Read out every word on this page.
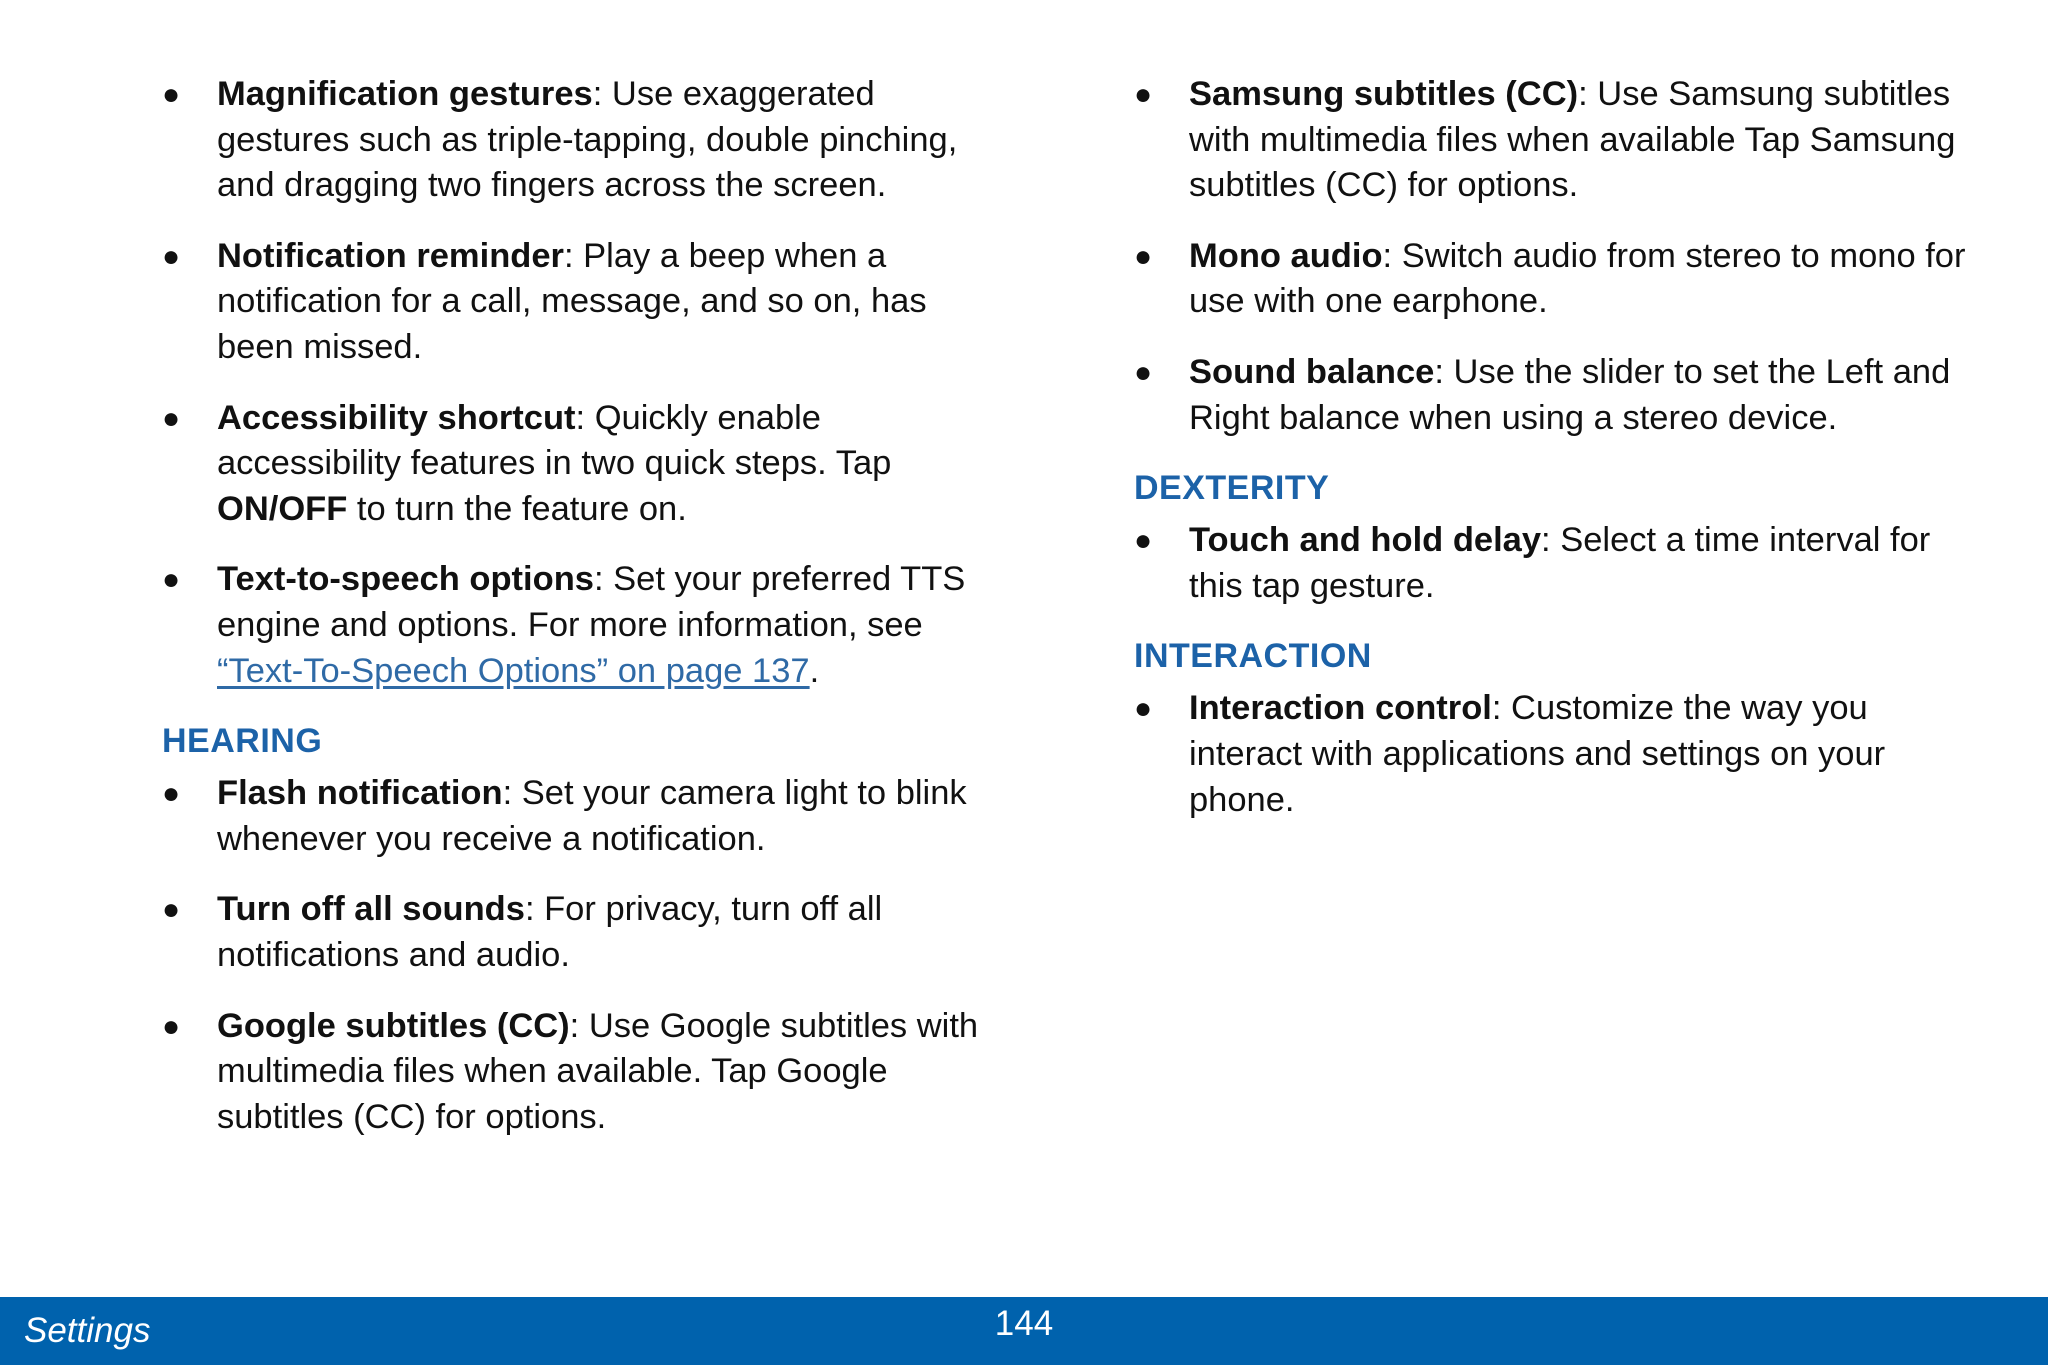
●	Magnification gestures: Use exaggerated gestures such as triple-tapping, double pinching, and dragging two fingers across the screen.
●	Notification reminder: Play a beep when a notification for a call, message, and so on, has been missed.
●	Accessibility shortcut: Quickly enable accessibility features in two quick steps. Tap ON/OFF to turn the feature on.
●	Text-to-speech options: Set your preferred TTS engine and options. For more information, see “Text-To-Speech Options” on page 137.
HEARING
●	Flash notification: Set your camera light to blink whenever you receive a notification.
●	Turn off all sounds: For privacy, turn off all notifications and audio.
●	Google subtitles (CC): Use Google subtitles with multimedia files when available. Tap Google subtitles (CC) for options.
●	Samsung subtitles (CC): Use Samsung subtitles with multimedia files when available Tap Samsung subtitles (CC) for options.
●	Mono audio: Switch audio from stereo to mono for use with one earphone.
●	Sound balance: Use the slider to set the Left and Right balance when using a stereo device.
DEXTERITY
●	Touch and hold delay: Select a time interval for this tap gesture.
INTERACTION
●	Interaction control: Customize the way you interact with applications and settings on your phone.
Settings	144
